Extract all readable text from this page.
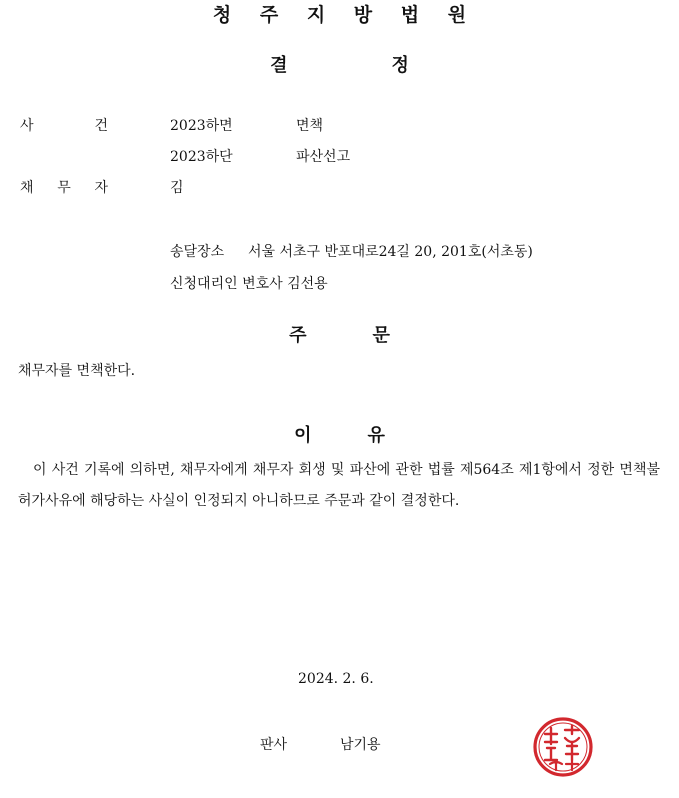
청 주 지 방 법 원
결	정
사	건	2023하면	면책
2023하단	파산선고
채 무 자	김
송달장소 서울 서초구 반포대로24길 20, 201호(서초동)
신청대리인 변호사 김선용
주	문
채무자를 면책한다.
이	유
이 사건 기록에 의하면, 채무자에게 채무자 회생 및 파산에 관한 법률 제564조 제1항에서 정한 면책불허가사유에 해당하는 사실이 인정되지 아니하므로 주문과 같이 결정한다.
2024. 2. 6.
판사	남기용
